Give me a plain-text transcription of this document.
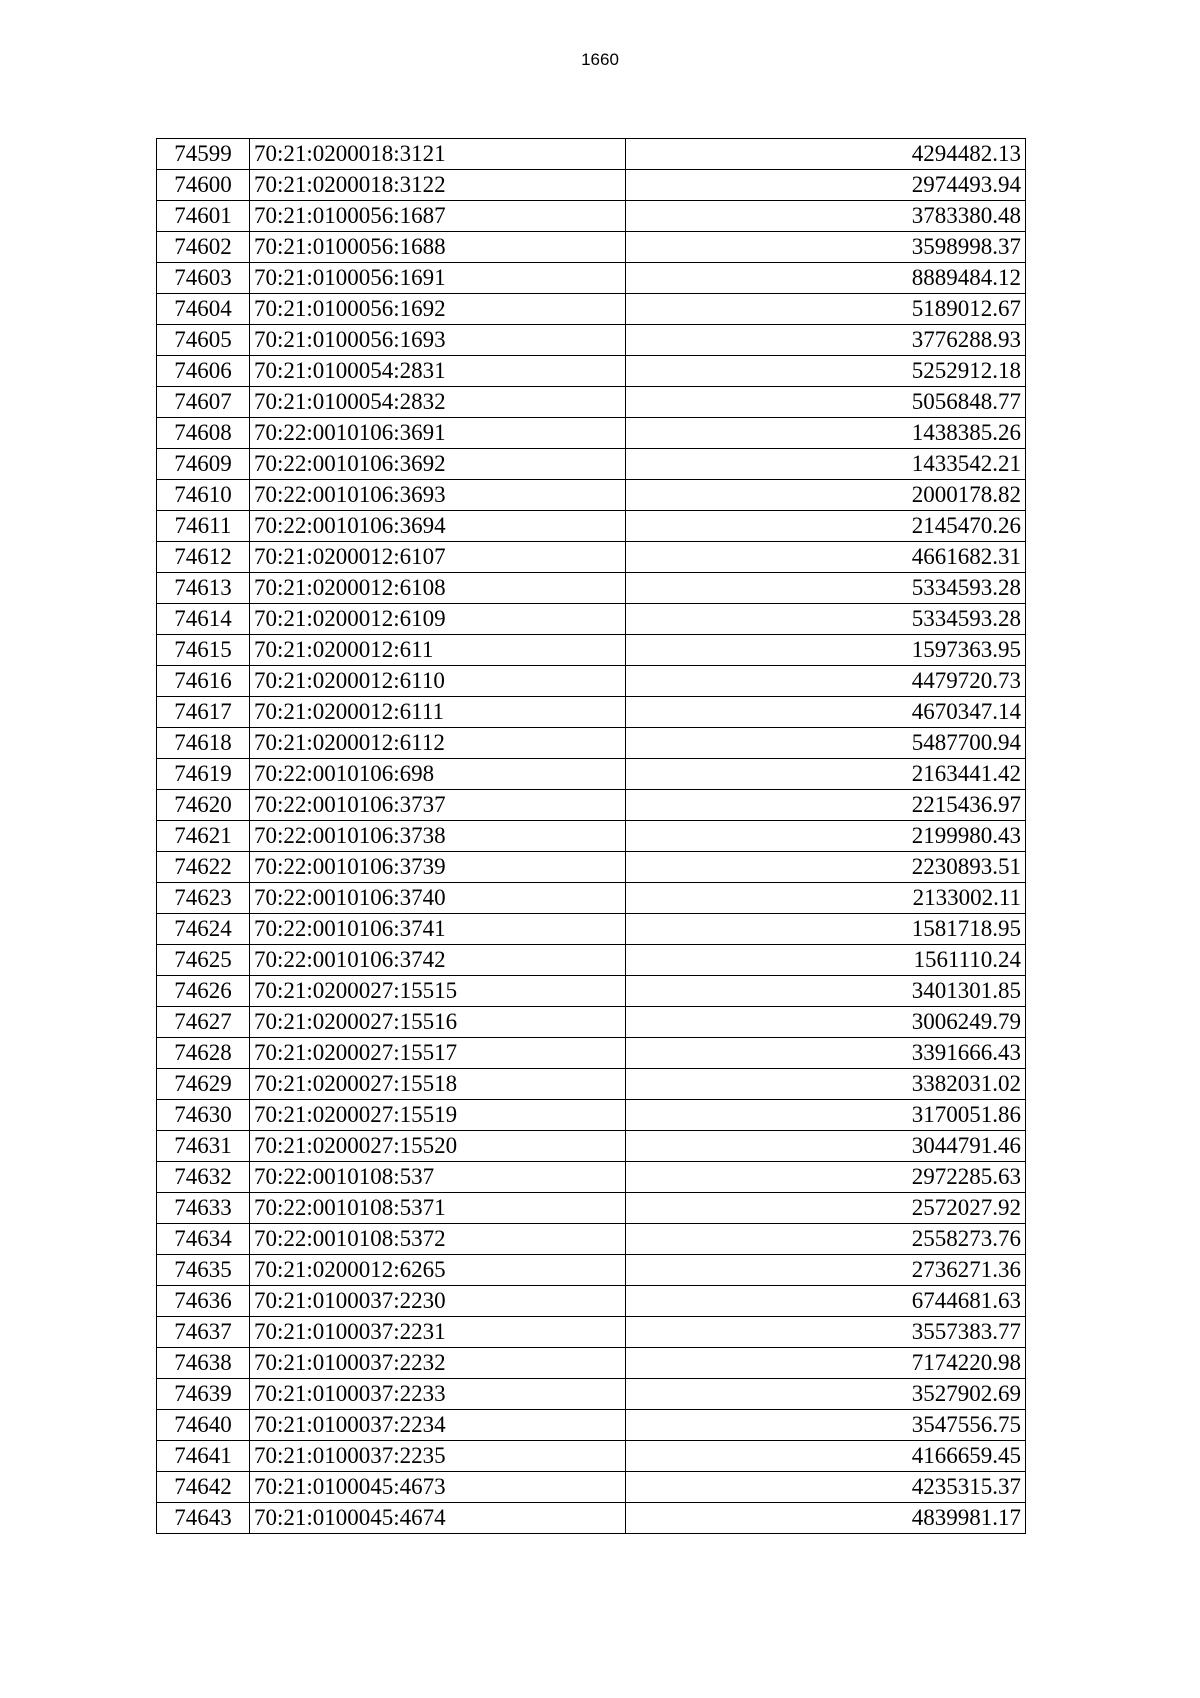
1660
74599	70:21:0200018:3121	4294482.13
74600	70:21:0200018:3122	2974493.94
74601	70:21:0100056:1687	3783380.48
74602	70:21:0100056:1688	3598998.37
74603	70:21:0100056:1691	8889484.12
74604	70:21:0100056:1692	5189012.67
74605	70:21:0100056:1693	3776288.93
74606	70:21:0100054:2831	5252912.18
74607	70:21:0100054:2832	5056848.77
74608	70:22:0010106:3691	1438385.26
74609	70:22:0010106:3692	1433542.21
74610	70:22:0010106:3693	2000178.82
74611	70:22:0010106:3694	2145470.26
74612	70:21:0200012:6107	4661682.31
74613	70:21:0200012:6108	5334593.28
74614	70:21:0200012:6109	5334593.28
74615	70:21:0200012:611	1597363.95
74616	70:21:0200012:6110	4479720.73
74617	70:21:0200012:6111	4670347.14
74618	70:21:0200012:6112	5487700.94
74619	70:22:0010106:698	2163441.42
74620	70:22:0010106:3737	2215436.97
74621	70:22:0010106:3738	2199980.43
74622	70:22:0010106:3739	2230893.51
74623	70:22:0010106:3740	2133002.11
74624	70:22:0010106:3741	1581718.95
74625	70:22:0010106:3742	1561110.24
74626	70:21:0200027:15515	3401301.85
74627	70:21:0200027:15516	3006249.79
74628	70:21:0200027:15517	3391666.43
74629	70:21:0200027:15518	3382031.02
74630	70:21:0200027:15519	3170051.86
74631	70:21:0200027:15520	3044791.46
74632	70:22:0010108:537	2972285.63
74633	70:22:0010108:5371	2572027.92
74634	70:22:0010108:5372	2558273.76
74635	70:21:0200012:6265	2736271.36
74636	70:21:0100037:2230	6744681.63
74637	70:21:0100037:2231	3557383.77
74638	70:21:0100037:2232	7174220.98
74639	70:21:0100037:2233	3527902.69
74640	70:21:0100037:2234	3547556.75
74641	70:21:0100037:2235	4166659.45
74642	70:21:0100045:4673	4235315.37
74643	70:21:0100045:4674	4839981.17
